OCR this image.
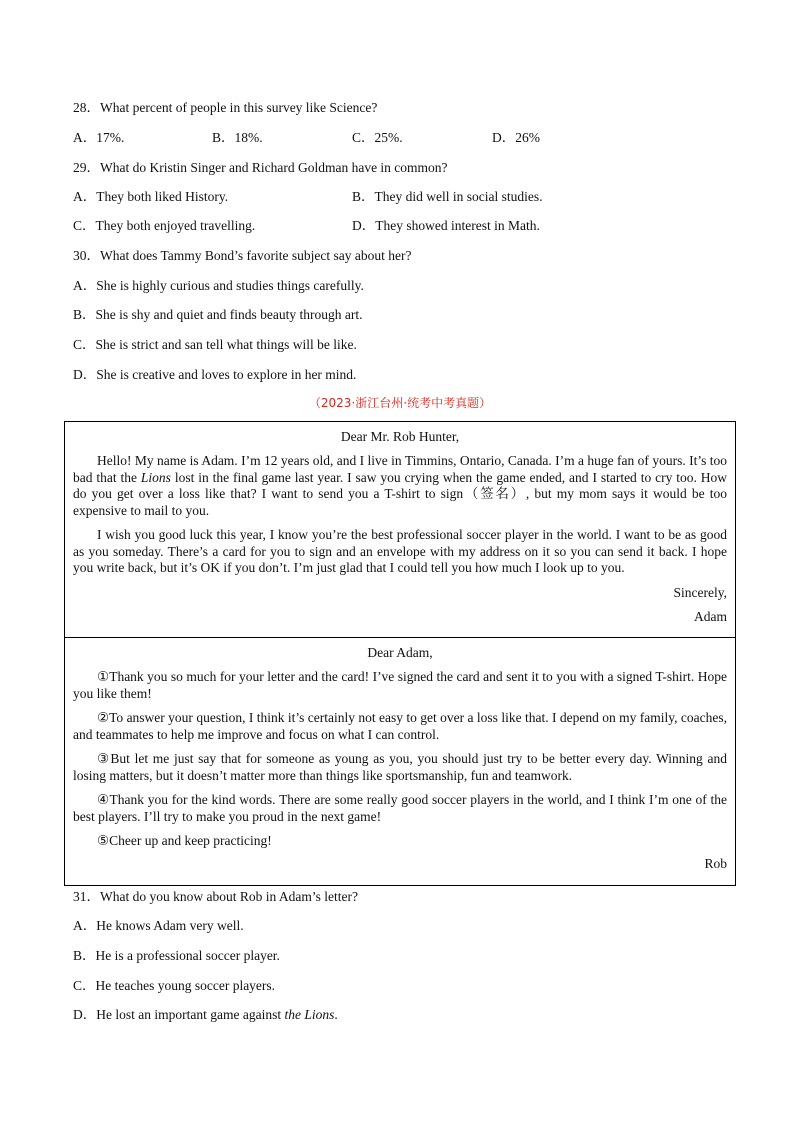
28．What percent of people in this survey like Science?
A．17%.	B．18%.	C．25%.	D．26%
29．What do Kristin Singer and Richard Goldman have in common?
A．They both liked History.	B．They did well in social studies.
C．They both enjoyed travelling.	D．They showed interest in Math.
30．What does Tammy Bond’s favorite subject say about her?
A．She is highly curious and studies things carefully.
B．She is shy and quiet and finds beauty through art.
C．She is strict and san tell what things will be like.
D．She is creative and loves to explore in her mind.
（2023·浙江台州·统考中考真题）
Dear Mr. Rob Hunter,

Hello! My name is Adam. I’m 12 years old, and I live in Timmins, Ontario, Canada. I’m a huge fan of yours. It’s too bad that the Lions lost in the final game last year. I saw you crying when the game ended, and I started to cry too. How do you get over a loss like that? I want to send you a T-shirt to sign（签名）, but my mom says it would be too expensive to mail to you.

I wish you good luck this year, I know you’re the best professional soccer player in the world. I want to be as good as you someday. There’s a card for you to sign and an envelope with my address on it so you can send it back. I hope you write back, but it’s OK if you don’t. I’m just glad that I could tell you how much I look up to you.

Sincerely,
Adam
Dear Adam,

①Thank you so much for your letter and the card! I’ve signed the card and sent it to you with a signed T-shirt. Hope you like them!

②To answer your question, I think it’s certainly not easy to get over a loss like that. I depend on my family, coaches, and teammates to help me improve and focus on what I can control.

③But let me just say that for someone as young as you, you should just try to be better every day. Winning and losing matters, but it doesn’t matter more than things like sportsmanship, fun and teamwork.

④Thank you for the kind words. There are some really good soccer players in the world, and I think I’m one of the best players. I’ll try to make you proud in the next game!

⑤Cheer up and keep practicing!

Rob
31．What do you know about Rob in Adam’s letter?
A．He knows Adam very well.
B．He is a professional soccer player.
C．He teaches young soccer players.
D．He lost an important game against the Lions.
